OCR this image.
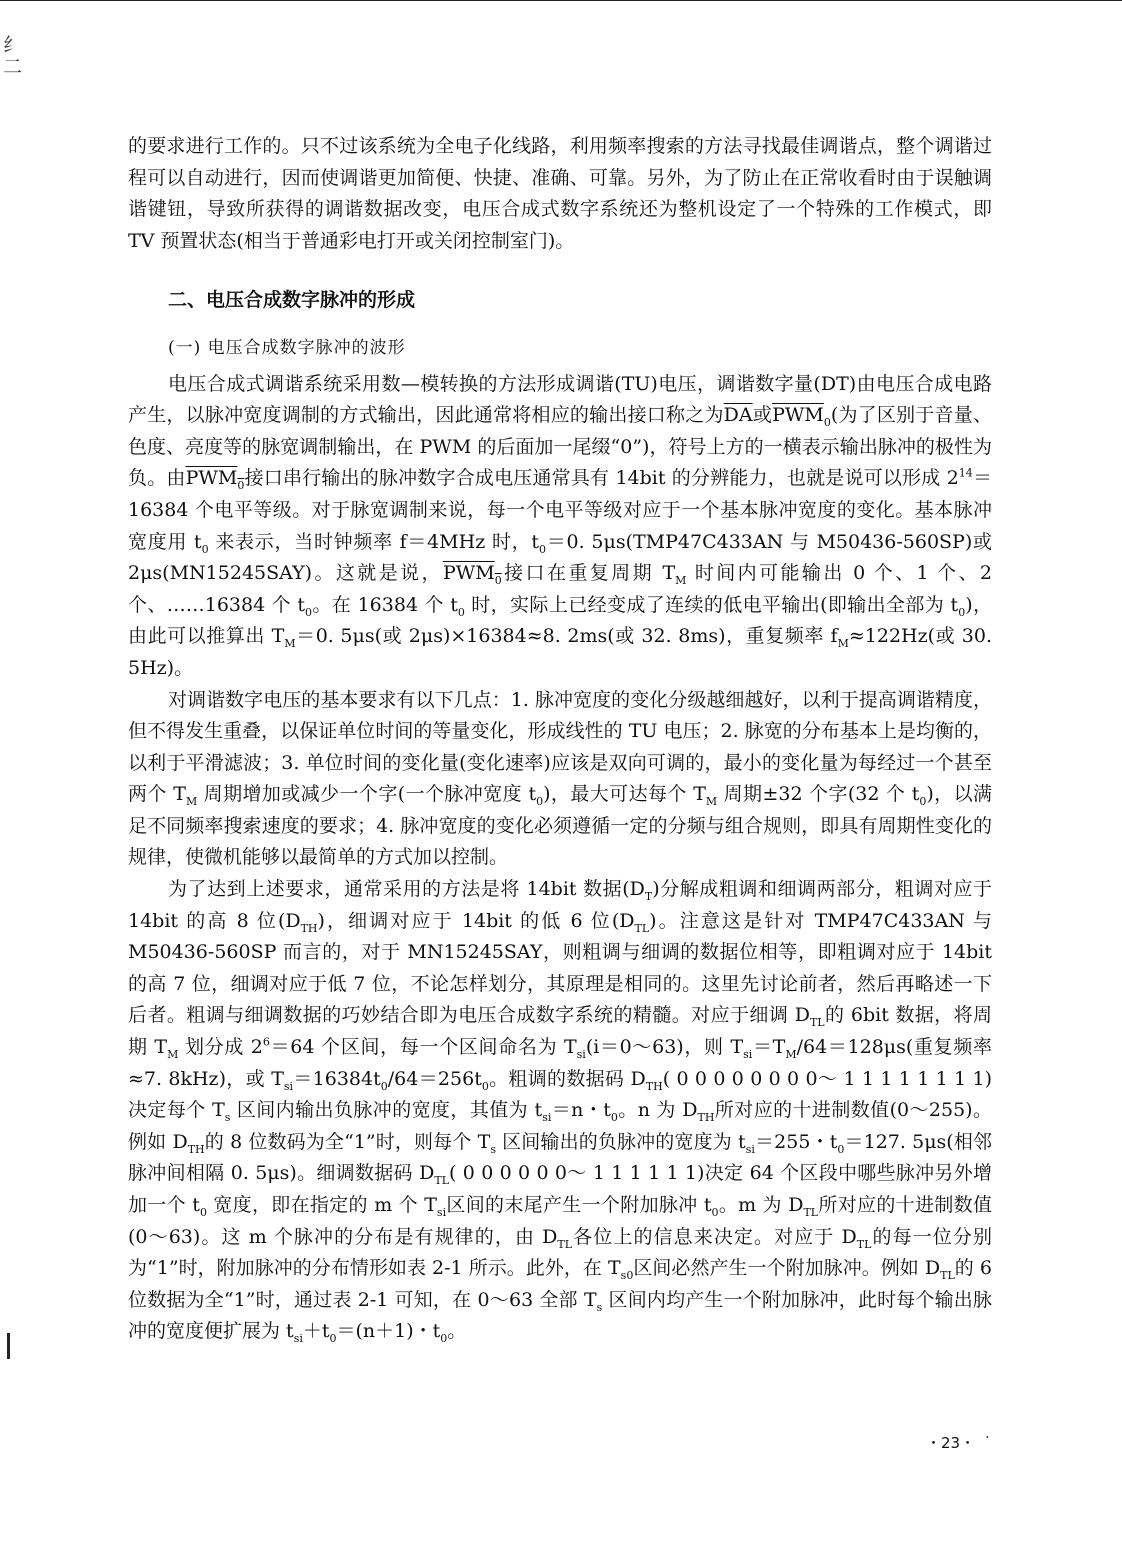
纟
二

的要求进行工作的。只不过该系统为全电子化线路，利用频率搜索的方法寻找最佳调谐点，整个调谐过程可以自动进行，因而使调谐更加简便、快捷、准确、可靠。另外，为了防止在正常收看时由于误触调谐键钮，导致所获得的调谐数据改变，电压合成式数字系统还为整机设定了一个特殊的工作模式，即 TV 预置状态(相当于普通彩电打开或关闭控制室门)。

二、电压合成数字脉冲的形成
(一) 电压合成数字脉冲的波形

电压合成式调谐系统采用数—模转换的方法形成调谐(TU)电压，调谐数字量(DT)由电压合成电路产生，以脉冲宽度调制的方式输出，因此通常将相应的输出接口称之为$\overline{DA}$或$\overline{PWM}_0$(为了区别于音量、色度、亮度等的脉宽调制输出，在 PWM 的后面加一尾缀“0”)，符号上方的一横表示输出脉冲的极性为负。由$PWM_0$接口串行输出的脉冲数字合成电压通常具有 14bit 的分辨能力，也就是说可以形成 $2^{14}=16384$ 个电平等级。对于脉宽调制来说，每一个电平等级对应于一个基本脉冲宽度的变化。基本脉冲宽度用 $t_0$ 来表示，当时钟频率 f＝4MHz 时，$t_0=0$. 5μs(TMP47C433AN 与 M50436-560SP)或 2μs(MN15245SAY)。这就是说，$PWM_0$接口在重复周期 $T_M$ 时间内可能输出 0 个、1 个、2 个、……16384 个 $t_0$。在 16384 个 $t_0$ 时，实际上已经变成了连续的低电平输出(即输出全部为 $t_0$)，由此可以推算出 $T_M=0$. 5μs(或 2μs)×16384≈8. 2ms(或 32. 8ms)，重复频率 $f_M\approx 122Hz$(或 30. 5Hz)。

对调谐数字电压的基本要求有以下几点：1. 脉冲宽度的变化分级越细越好，以利于提高调谐精度，但不得发生重叠，以保证单位时间的等量变化，形成线性的 TU 电压；2. 脉宽的分布基本上是均衡的，以利于平滑滤波；3. 单位时间的变化量(变化速率)应该是双向可调的，最小的变化量为每经过一个甚至两个 $T_M$ 周期增加或减少一个字(一个脉冲宽度 $t_0$)，最大可达每个 $T_M$ 周期±32 个字(32 个 $t_0$)，以满足不同频率搜索速度的要求；4. 脉冲宽度的变化必须遵循一定的分频与组合规则，即具有周期性变化的规律，使微机能够以最简单的方式加以控制。

为了达到上述要求，通常采用的方法是将 14bit 数据$(D_T)$分解成粗调和细调两部分，粗调对应于 14bit 的高 8 位$(D_{TH})$，细调对应于 14bit 的低 6 位$(D_{TL})$。注意这是针对 TMP47C433AN 与 M50436-560SP 而言的，对于 MN15245SAY，则粗调与细调的数据位相等，即粗调对应于 14bit 的高 7 位，细调对应于低 7 位，不论怎样划分，其原理是相同的。这里先讨论前者，然后再略述一下后者。粗调与细调数据的巧妙结合即为电压合成数字系统的精髓。对应于细调 $D_{TL}$的 6bit 数据，将周期 $T_M$ 划分成 $2^6=64$ 个区间，每一个区间命名为 $T_{si}(i=0\sim 63)$，则 $T_{si}=T_M/64=128\mu s$(重复频率≈7. 8kHz)，或 $T_{si}=16384t_0/64=256t_0$。粗调的数据码 $D_{TH}$( 0 0 0 0 0 0 0 0～ 1 1 1 1 1 1 1 1)决定每个 $T_s$ 区间内输出负脉冲的宽度，其值为 $t_{si}=n$・$t_0$。n 为 $D_{TH}$所对应的十进制数值(0～255)。例如 $D_{TH}$的 8 位数码为全“1”时，则每个 $T_s$ 区间输出的负脉冲的宽度为 $t_{si}=255$・$t_0=127$. 5μs(相邻脉冲间相隔 0. 5μs)。细调数据码 $D_{TL}$( 0 0 0 0 0 0～ 1 1 1 1 1 1)决定 64 个区段中哪些脉冲另外增加一个 $t_0$ 宽度，即在指定的 m 个 $T_{si}$区间的末尾产生一个附加脉冲 $t_0$。m 为 $D_{TL}$所对应的十进制数值(0～63)。这 m 个脉冲的分布是有规律的，由 $D_{TL}$各位上的信息来决定。对应于 $D_{TL}$的每一位分别为“1”时，附加脉冲的分布情形如表 2-1 所示。此外，在 $T_{s0}$区间必然产生一个附加脉冲。例如 $D_{TL}$的 6 位数据为全“1”时，通过表 2-1 可知，在 0～63 全部 $T_s$ 区间内均产生一个附加脉冲，此时每个输出脉冲的宽度便扩展为 $t_{si}+t_0=(n+1)$・$t_0$。

・23・ ·
